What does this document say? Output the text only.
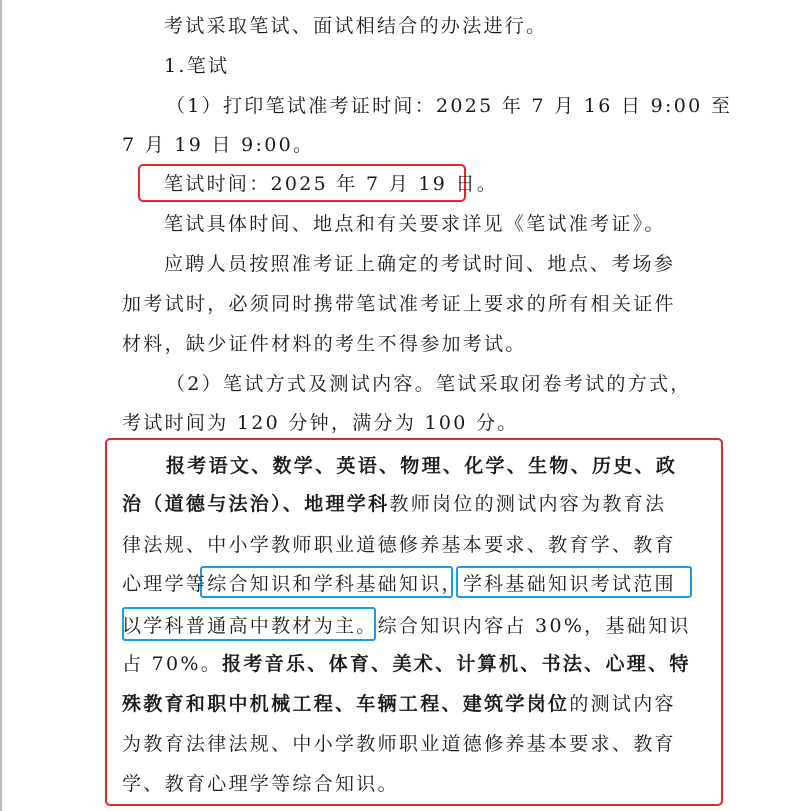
考试采取笔试、面试相结合的办法进行。
1.笔试
（1）打印笔试准考证时间：2025 年 7 月 16 日 9:00 至
7 月 19 日 9:00。
笔试时间：2025 年 7 月 19 日。
笔试具体时间、地点和有关要求详见《笔试准考证》。
应聘人员按照准考证上确定的考试时间、地点、考场参
加考试时，必须同时携带笔试准考证上要求的所有相关证件
材料，缺少证件材料的考生不得参加考试。
（2）笔试方式及测试内容。笔试采取闭卷考试的方式，
考试时间为 120 分钟，满分为 100 分。
报考语文、数学、英语、物理、化学、生物、历史、政
治（道德与法治）、地理学科教师岗位的测试内容为教育法
律法规、中小学教师职业道德修养基本要求、教育学、教育
心理学等综合知识和学科基础知识，学科基础知识考试范围
以学科普通高中教材为主。综合知识内容占 30%，基础知识
占 70%。报考音乐、体育、美术、计算机、书法、心理、特
殊教育和职中机械工程、车辆工程、建筑学岗位的测试内容
为教育法律法规、中小学教师职业道德修养基本要求、教育
学、教育心理学等综合知识。
